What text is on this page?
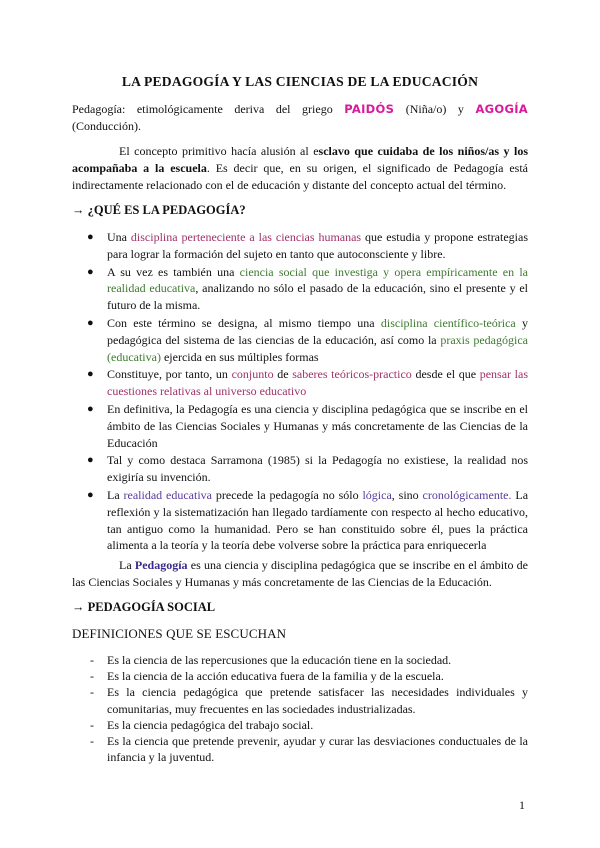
LA PEDAGOGÍA Y LAS CIENCIAS DE LA EDUCACIÓN

Pedagogía: etimológicamente deriva del griego PAIDÓS (Niña/o) y AGOGÍA (Conducción).

El concepto primitivo hacía alusión al esclavo que cuidaba de los niños/as y los acompañaba a la escuela. Es decir que, en su origen, el significado de Pedagogía está indirectamente relacionado con el de educación y distante del concepto actual del término.

→ ¿QUÉ ES LA PEDAGOGÍA?
● Una disciplina perteneciente a las ciencias humanas que estudia y propone estrategias para lograr la formación del sujeto en tanto que autoconsciente y libre.
● A su vez es también una ciencia social que investiga y opera empíricamente en la realidad educativa, analizando no sólo el pasado de la educación, sino el presente y el futuro de la misma.
● Con este término se designa, al mismo tiempo una disciplina científico-teórica y pedagógica del sistema de las ciencias de la educación, así como la praxis pedagógica (educativa) ejercida en sus múltiples formas
● Constituye, por tanto, un conjunto de saberes teóricos-practico desde el que pensar las cuestiones relativas al universo educativo
● En definitiva, la Pedagogía es una ciencia y disciplina pedagógica que se inscribe en el ámbito de las Ciencias Sociales y Humanas y más concretamente de las Ciencias de la Educación
● Tal y como destaca Sarramona (1985) si la Pedagogía no existiese, la realidad nos exigiría su invención.
● La realidad educativa precede la pedagogía no sólo lógica, sino cronológicamente. La reflexión y la sistematización han llegado tardíamente con respecto al hecho educativo, tan antiguo como la humanidad. Pero se han constituido sobre él, pues la práctica alimenta a la teoría y la teoría debe volverse sobre la práctica para enriquecerla

La Pedagogía es una ciencia y disciplina pedagógica que se inscribe en el ámbito de las Ciencias Sociales y Humanas y más concretamente de las Ciencias de la Educación.

→ PEDAGOGÍA SOCIAL
DEFINICIONES QUE SE ESCUCHAN
- Es la ciencia de las repercusiones que la educación tiene en la sociedad.
- Es la ciencia de la acción educativa fuera de la familia y de la escuela.
- Es la ciencia pedagógica que pretende satisfacer las necesidades individuales y comunitarias, muy frecuentes en las sociedades industrializadas.
- Es la ciencia pedagógica del trabajo social.
- Es la ciencia que pretende prevenir, ayudar y curar las desviaciones conductuales de la infancia y la juventud.
1
